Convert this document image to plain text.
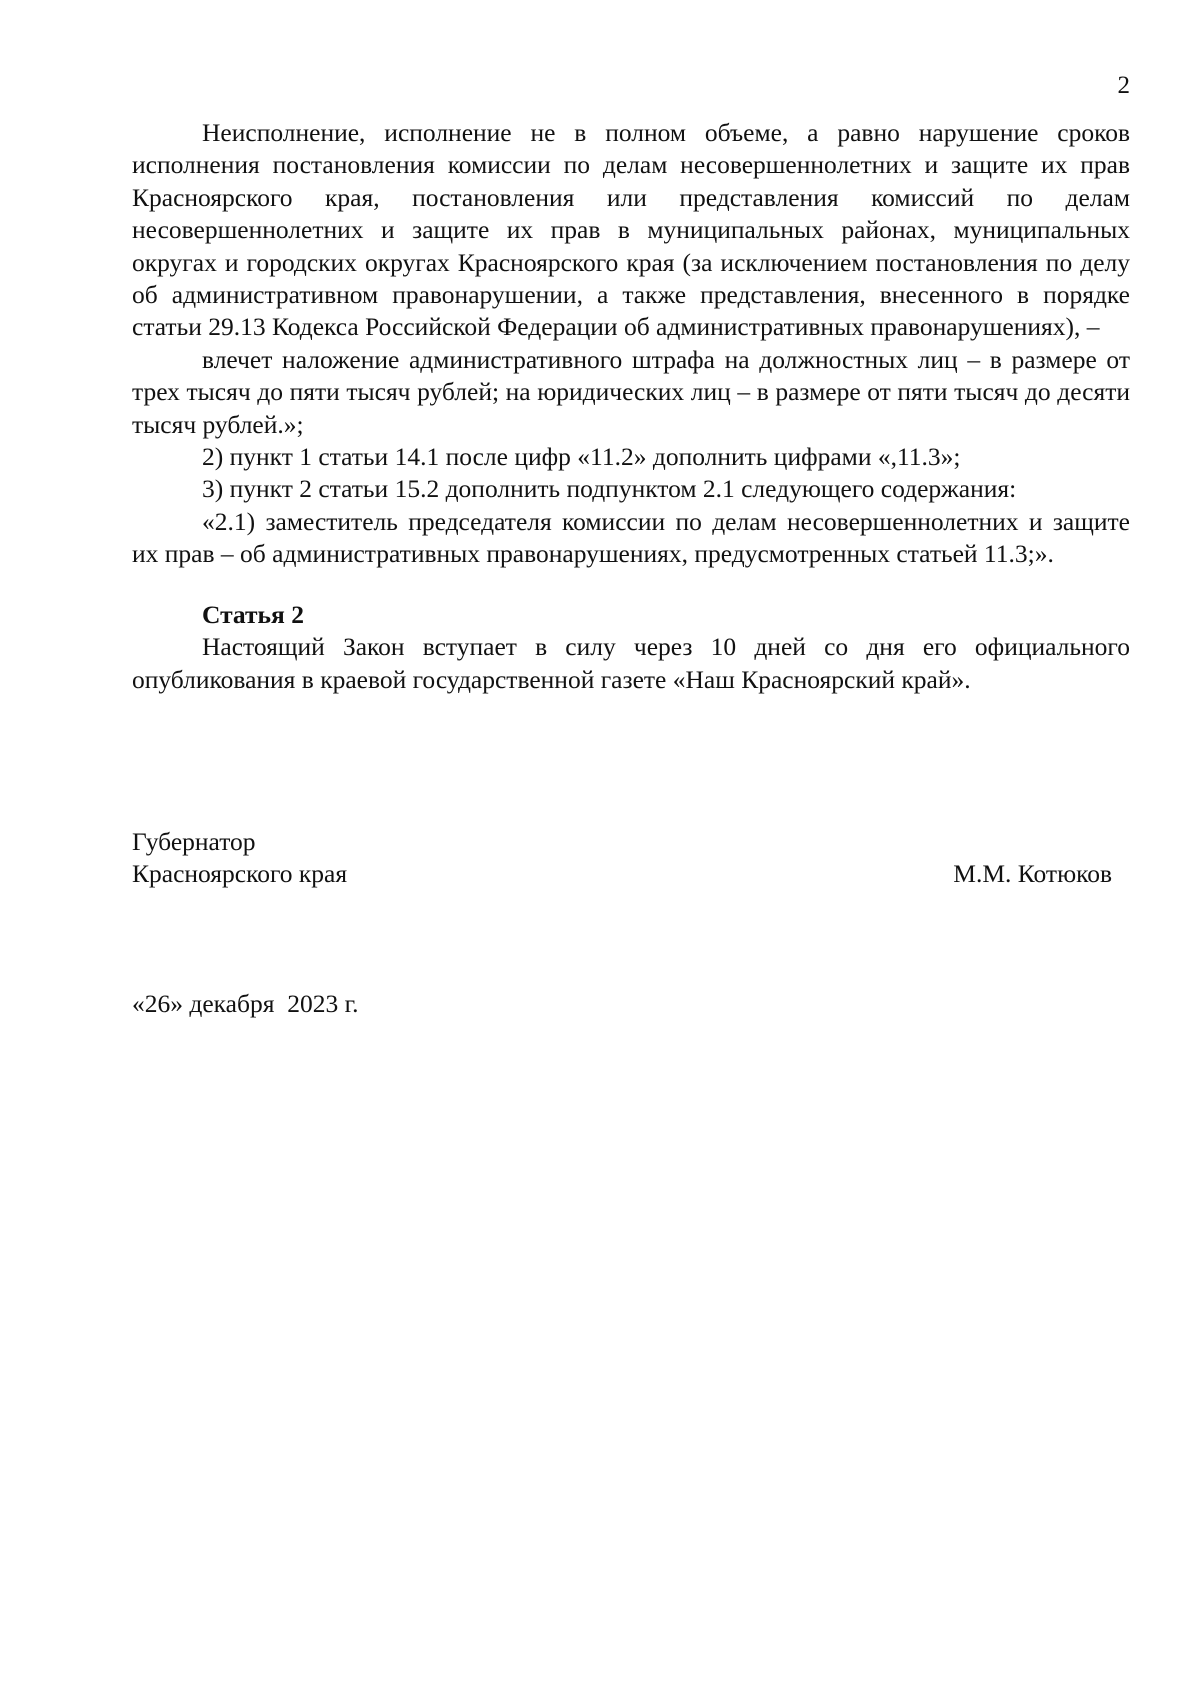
2

Неисполнение, исполнение не в полном объеме, а равно нарушение сроков исполнения постановления комиссии по делам несовершеннолетних и защите их прав Красноярского края, постановления или представления комиссий по делам несовершеннолетних и защите их прав в муниципальных районах, муниципальных округах и городских округах Красноярского края (за исключением постановления по делу об административном правонарушении, а также представления, внесенного в порядке статьи 29.13 Кодекса Российской Федерации об административных правонарушениях), –

влечет наложение административного штрафа на должностных лиц – в размере от трех тысяч до пяти тысяч рублей; на юридических лиц – в размере от пяти тысяч до десяти тысяч рублей.»;

2) пункт 1 статьи 14.1 после цифр «11.2» дополнить цифрами «,11.3»;

3) пункт 2 статьи 15.2 дополнить подпунктом 2.1 следующего содержания:

«2.1) заместитель председателя комиссии по делам несовершеннолетних и защите их прав – об административных правонарушениях, предусмотренных статьей 11.3;».

Статья 2

Настоящий Закон вступает в силу через 10 дней со дня его официального опубликования в краевой государственной газете «Наш Красноярский край».

Губернатор
Красноярского края	М.М. Котюков
«26» декабря  2023 г.
